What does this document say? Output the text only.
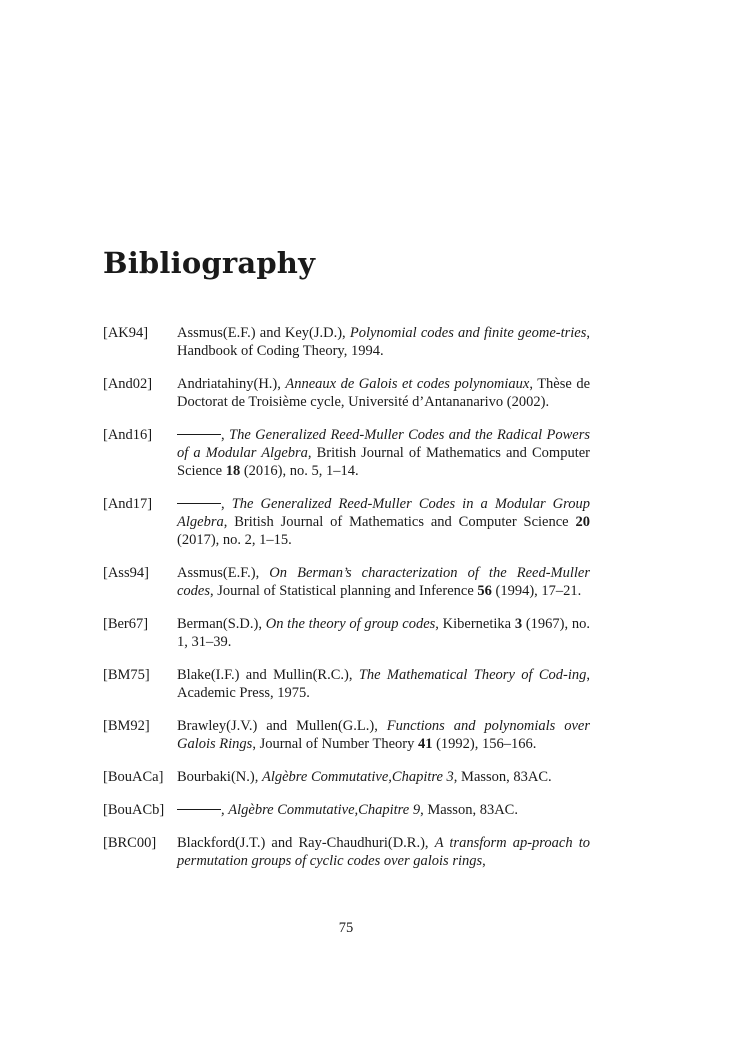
Bibliography
[AK94]	Assmus(E.F.) and Key(J.D.), Polynomial codes and finite geome-tries, Handbook of Coding Theory, 1994.
[And02]	Andriatahiny(H.), Anneaux de Galois et codes polynomiaux, Thèse de Doctorat de Troisième cycle, Université d’Antananarivo (2002).
[And16]	, The Generalized Reed-Muller Codes and the Radical Powers of a Modular Algebra, British Journal of Mathematics and Computer Science 18 (2016), no. 5, 1–14.
[And17]	, The Generalized Reed-Muller Codes in a Modular Group Algebra, British Journal of Mathematics and Computer Science 20 (2017), no. 2, 1–15.
[Ass94]	Assmus(E.F.), On Berman’s characterization of the Reed-Muller codes, Journal of Statistical planning and Inference 56 (1994), 17–21.
[Ber67]	Berman(S.D.), On the theory of group codes, Kibernetika 3 (1967), no. 1, 31–39.
[BM75]	Blake(I.F.) and Mullin(R.C.), The Mathematical Theory of Cod-ing, Academic Press, 1975.
[BM92]	Brawley(J.V.) and Mullen(G.L.), Functions and polynomials over Galois Rings, Journal of Number Theory 41 (1992), 156–166.
[BouACa] Bourbaki(N.), Algèbre Commutative,Chapitre 3, Masson, 83AC.
[BouACb]	, Algèbre Commutative,Chapitre 9, Masson, 83AC.
[BRC00]	Blackford(J.T.) and Ray-Chaudhuri(D.R.), A transform ap-proach to permutation groups of cyclic codes over galois rings,
75
